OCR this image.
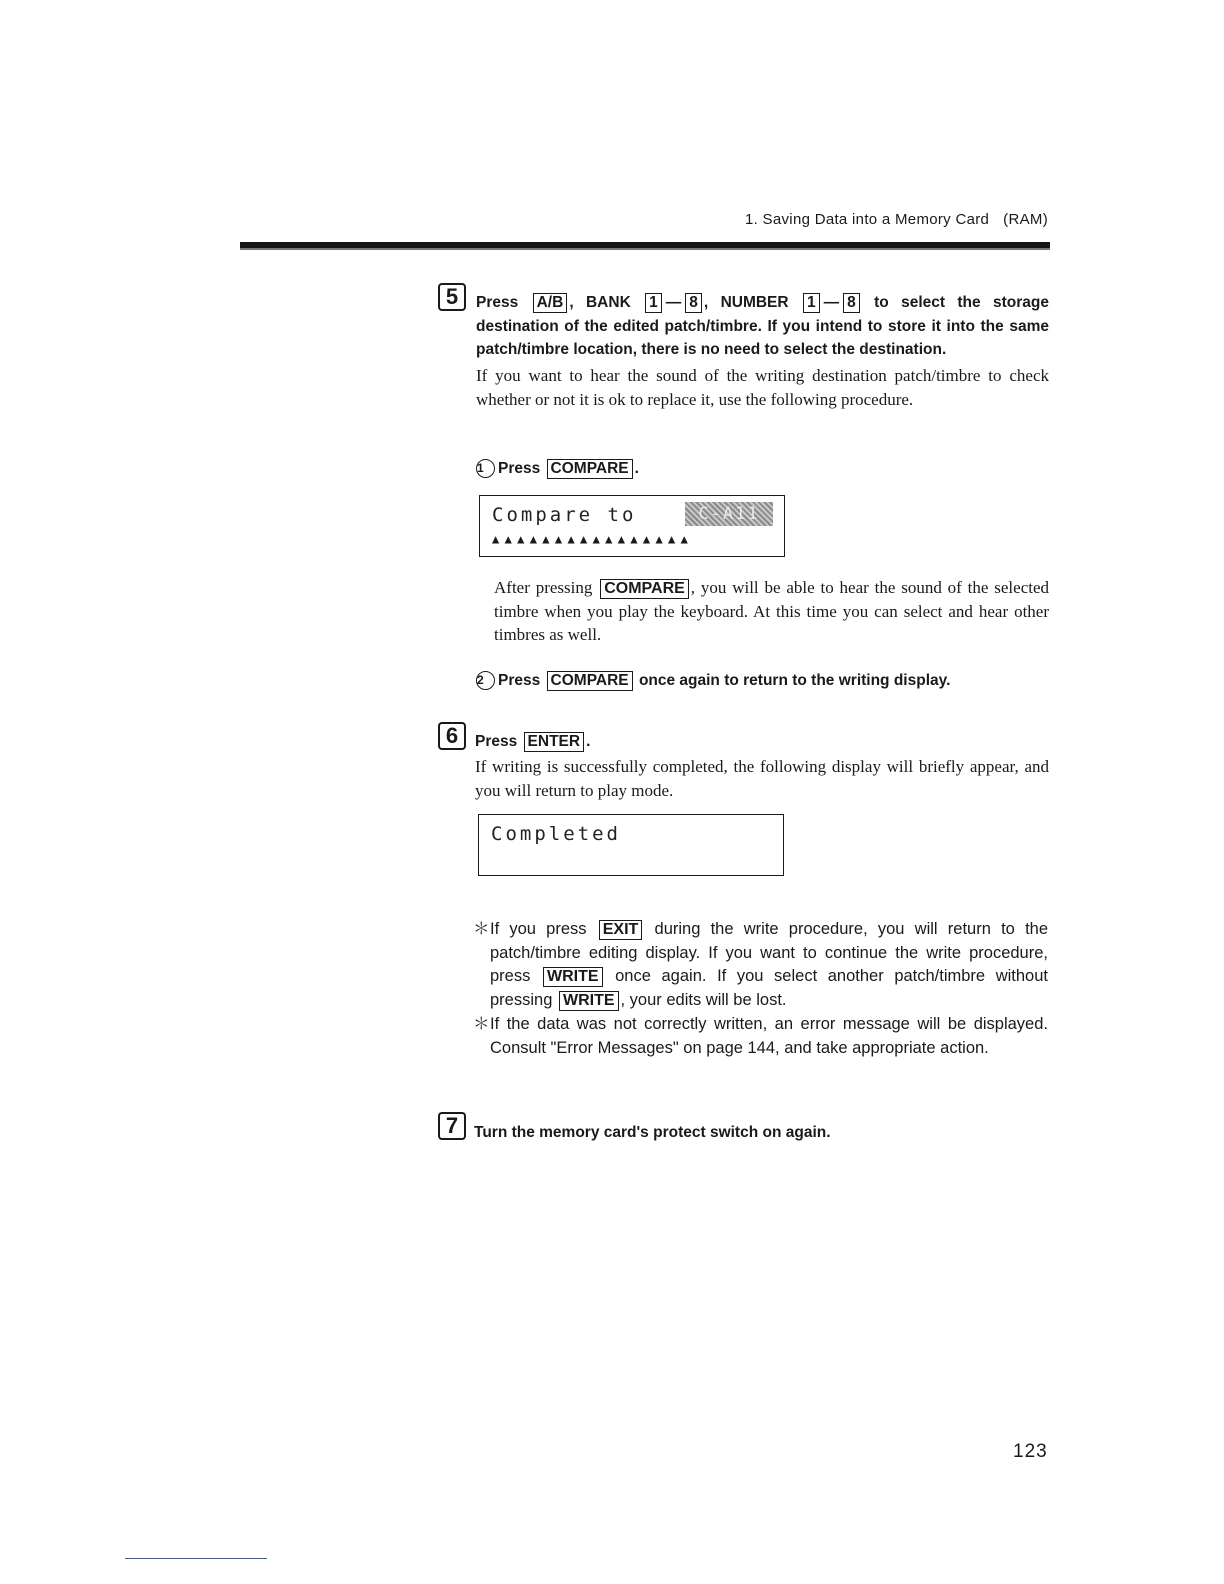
1. Saving Data into a Memory Card (RAM)
5	Press A/B , BANK 1 — 8 , NUMBER 1 — 8 to select the storage destination of the edited patch/timbre. If you intend to store it into the same patch/timbre location, there is no need to select the destination.
If you want to hear the sound of the writing destination patch/timbre to check whether or not it is ok to replace it, use the following procedure.
1 Press COMPARE .
Compare to	C-A11
▲▲▲▲▲▲▲▲▲▲▲▲▲▲▲▲
After pressing COMPARE , you will be able to hear the sound of the selected timbre when you play the keyboard. At this time you can select and hear other timbres as well.
2 Press COMPARE once again to return to the writing display.
6	Press ENTER .
If writing is successfully completed, the following display will briefly appear, and you will return to play mode.
Completed
＊ If you press EXIT during the write procedure, you will return to the patch/timbre editing display. If you want to continue the write procedure, press WRITE once again. If you select another patch/timbre without pressing WRITE , your edits will be lost.
＊ If the data was not correctly written, an error message will be displayed. Consult "Error Messages" on page 144, and take appropriate action.
7	Turn the memory card's protect switch on again.
123
